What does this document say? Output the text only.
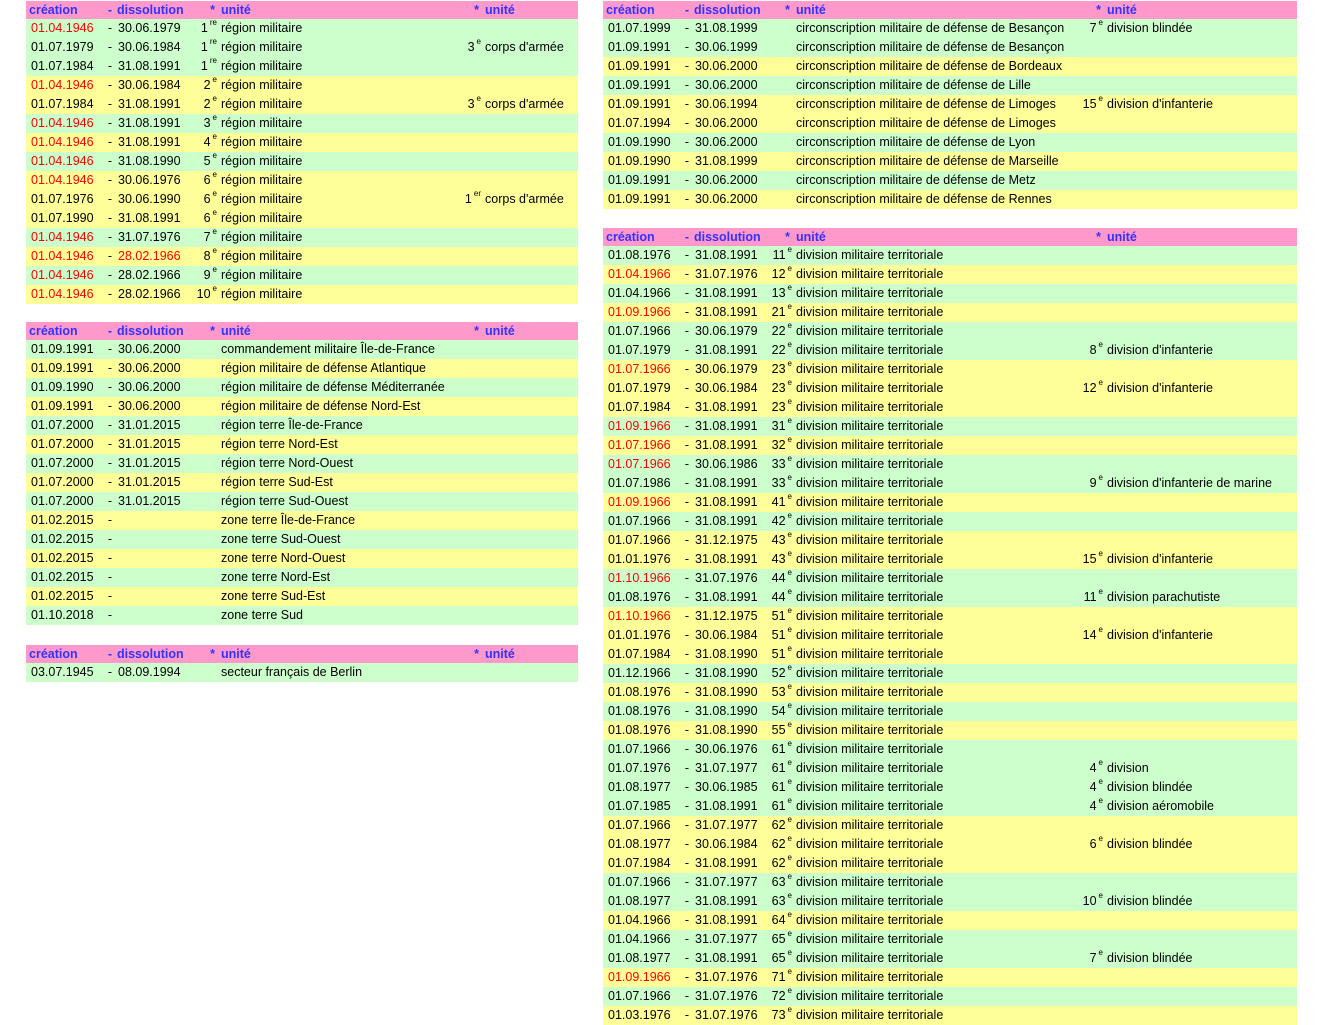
création	-	dissolution	*	unité	*	unité
01.04.1946	-	30.06.1979	1 $^{re}$	région militaire		
01.07.1979	-	30.06.1984	1 $^{re}$	région militaire	3 $^e$	corps d'armée
01.07.1984	-	31.08.1991	1 $^{re}$	région militaire		
01.04.1946	-	30.06.1984	2 $^e$	région militaire		
01.07.1984	-	31.08.1991	2 $^e$	région militaire	3 $^e$	corps d'armée
01.04.1946	-	31.08.1991	3 $^e$	région militaire		
01.04.1946	-	31.08.1991	4 $^e$	région militaire		
01.04.1946	-	31.08.1990	5 $^e$	région militaire		
01.04.1946	-	30.06.1976	6 $^e$	région militaire		
01.07.1976	-	30.06.1990	6 $^e$	région militaire	1 $^{er}$	corps d'armée
01.07.1990	-	31.08.1991	6 $^e$	région militaire		
01.04.1946	-	31.07.1976	7 $^e$	région militaire		
01.04.1946	-	28.02.1966	8 $^e$	région militaire		
01.04.1946	-	28.02.1966	9 $^e$	région militaire		
01.04.1946	-	28.02.1966	10 $^e$	région militaire		
création	-	dissolution	*	unité	*	unité
01.09.1991	-	30.06.2000		commandement militaire Île-de-France		
01.09.1991	-	30.06.2000		région militaire de défense Atlantique		
01.09.1990	-	30.06.2000		région militaire de défense Méditerranée		
01.09.1991	-	30.06.2000		région militaire de défense Nord-Est		
01.07.2000	-	31.01.2015		région terre Île-de-France		
01.07.2000	-	31.01.2015		région terre Nord-Est		
01.07.2000	-	31.01.2015		région terre Nord-Ouest		
01.07.2000	-	31.01.2015		région terre Sud-Est		
01.07.2000	-	31.01.2015		région terre Sud-Ouest		
01.02.2015	-			zone terre Île-de-France		
01.02.2015	-			zone terre Sud-Ouest		
01.02.2015	-			zone terre Nord-Ouest		
01.02.2015	-			zone terre Nord-Est		
01.02.2015	-			zone terre Sud-Est		
01.10.2018	-			zone terre Sud		
création	-	dissolution	*	unité	*	unité
03.07.1945	-	08.09.1994		secteur français de Berlin		
création	-	dissolution	*	unité	*	unité
01.07.1999	-	31.08.1999		circonscription militaire de défense de Besançon	7 $^e$	division blindée
01.09.1991	-	30.06.1999		circonscription militaire de défense de Besançon		
01.09.1991	-	30.06.2000		circonscription militaire de défense de Bordeaux		
01.09.1991	-	30.06.2000		circonscription militaire de défense de Lille		
01.09.1991	-	30.06.1994		circonscription militaire de défense de Limoges	15 $^e$	division d'infanterie
01.07.1994	-	30.06.2000		circonscription militaire de défense de Limoges		
01.09.1990	-	30.06.2000		circonscription militaire de défense de Lyon		
01.09.1990	-	31.08.1999		circonscription militaire de défense de Marseille		
01.09.1991	-	30.06.2000		circonscription militaire de défense de Metz		
01.09.1991	-	30.06.2000		circonscription militaire de défense de Rennes		
création	-	dissolution	*	unité	*	unité
01.08.1976	-	31.08.1991	11 $^e$	division militaire territoriale		
01.04.1966	-	31.07.1976	12 $^e$	division militaire territoriale		
01.04.1966	-	31.08.1991	13 $^e$	division militaire territoriale		
01.09.1966	-	31.08.1991	21 $^e$	division militaire territoriale		
01.07.1966	-	30.06.1979	22 $^e$	division militaire territoriale		
01.07.1979	-	31.08.1991	22 $^e$	division militaire territoriale	8 $^e$	division d'infanterie
01.07.1966	-	30.06.1979	23 $^e$	division militaire territoriale		
01.07.1979	-	30.06.1984	23 $^e$	division militaire territoriale	12 $^e$	division d'infanterie
01.07.1984	-	31.08.1991	23 $^e$	division militaire territoriale		
01.09.1966	-	31.08.1991	31 $^e$	division militaire territoriale		
01.07.1966	-	31.08.1991	32 $^e$	division militaire territoriale		
01.07.1966	-	30.06.1986	33 $^e$	division militaire territoriale		
01.07.1986	-	31.08.1991	33 $^e$	division militaire territoriale	9 $^e$	division d'infanterie de marine
01.09.1966	-	31.08.1991	41 $^e$	division militaire territoriale		
01.07.1966	-	31.08.1991	42 $^e$	division militaire territoriale		
01.07.1966	-	31.12.1975	43 $^e$	division militaire territoriale		
01.01.1976	-	31.08.1991	43 $^e$	division militaire territoriale	15 $^e$	division d'infanterie
01.10.1966	-	31.07.1976	44 $^e$	division militaire territoriale		
01.08.1976	-	31.08.1991	44 $^e$	division militaire territoriale	11 $^e$	division parachutiste
01.10.1966	-	31.12.1975	51 $^e$	division militaire territoriale		
01.01.1976	-	30.06.1984	51 $^e$	division militaire territoriale	14 $^e$	division d'infanterie
01.07.1984	-	31.08.1990	51 $^e$	division militaire territoriale		
01.12.1966	-	31.08.1990	52 $^e$	division militaire territoriale		
01.08.1976	-	31.08.1990	53 $^e$	division militaire territoriale		
01.08.1976	-	31.08.1990	54 $^e$	division militaire territoriale		
01.08.1976	-	31.08.1990	55 $^e$	division militaire territoriale		
01.07.1966	-	30.06.1976	61 $^e$	division militaire territoriale		
01.07.1976	-	31.07.1977	61 $^e$	division militaire territoriale	4 $^e$	division
01.08.1977	-	30.06.1985	61 $^e$	division militaire territoriale	4 $^e$	division blindée
01.07.1985	-	31.08.1991	61 $^e$	division militaire territoriale	4 $^e$	division aéromobile
01.07.1966	-	31.07.1977	62 $^e$	division militaire territoriale		
01.08.1977	-	30.06.1984	62 $^e$	division militaire territoriale	6 $^e$	division blindée
01.07.1984	-	31.08.1991	62 $^e$	division militaire territoriale		
01.07.1966	-	31.07.1977	63 $^e$	division militaire territoriale		
01.08.1977	-	31.08.1991	63 $^e$	division militaire territoriale	10 $^e$	division blindée
01.04.1966	-	31.08.1991	64 $^e$	division militaire territoriale		
01.04.1966	-	31.07.1977	65 $^e$	division militaire territoriale		
01.08.1977	-	31.08.1991	65 $^e$	division militaire territoriale	7 $^e$	division blindée
01.09.1966	-	31.07.1976	71 $^e$	division militaire territoriale		
01.07.1966	-	31.07.1976	72 $^e$	division militaire territoriale		
01.03.1976	-	31.07.1976	73 $^e$	division militaire territoriale		
